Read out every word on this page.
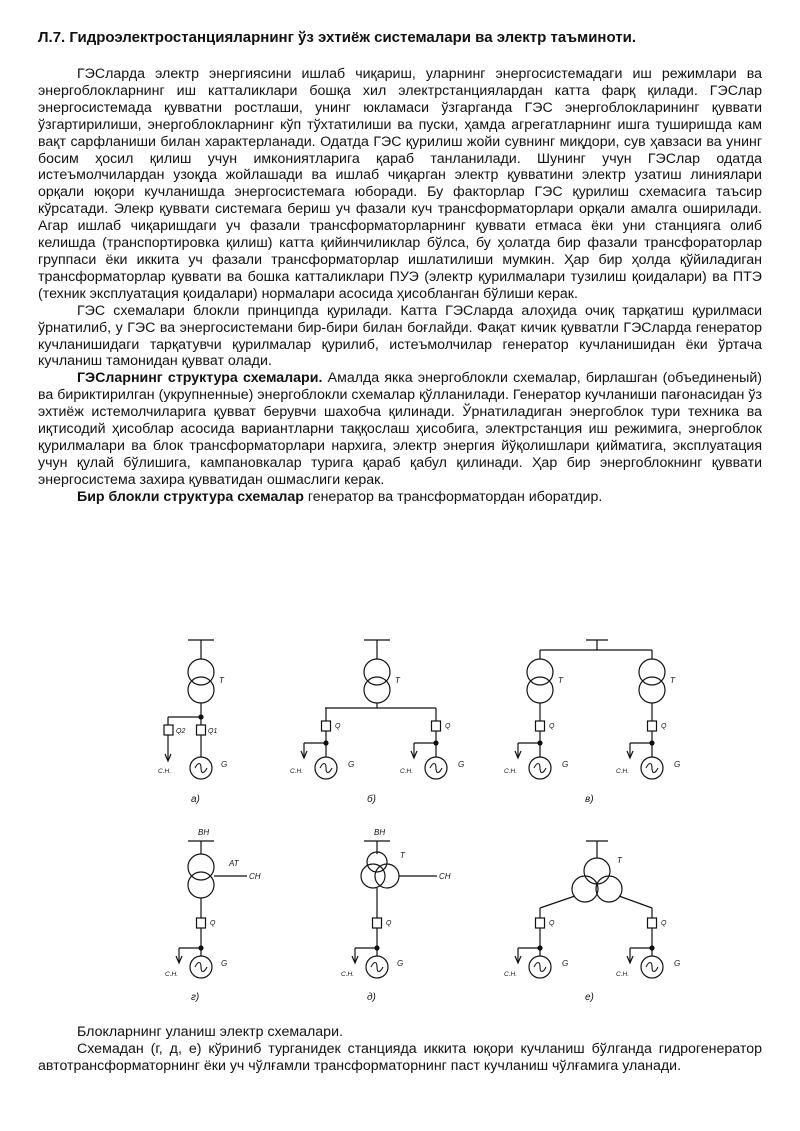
Л.7. Гидроэлектростанцияларнинг ўз эхтиёж системалари ва электр таъминоти.

ГЭСларда электр энергиясини ишлаб чиқариш, уларнинг энергосистемадаги иш режимлари ва энергоблокларнинг иш катталиклари бошқа хил электрстанциялардан катта фарқ қилади. ГЭСлар энергосистемада қувватни ростлаши, унинг юкламаси ўзгарганда ГЭС энергоблокларининг қуввати ўзгартирилиши, энергоблокларнинг кўп тўхтатилиши ва пуски, ҳамда агрегатларнинг ишга туширишда кам вақт сарфланиши билан характерланади. Одатда ГЭС қурилиш жойи сувнинг миқдори, сув ҳавзаси ва унинг босим ҳосил қилиш учун имкониятларига қараб танланилади. Шунинг учун ГЭСлар одатда истеъмолчилардан узоқда жойлашади ва ишлаб чиқарган электр қувватини электр узатиш линиялари орқали юқори кучланишда энергосистемага юборади. Бу факторлар ГЭС қурилиш схемасига таъсир кўрсатади. Элекр қуввати системага бериш уч фазали куч трансформаторлари орқали амалга оширилади. Агар ишлаб чиқаришдаги уч фазали трансформаторларнинг қуввати етмаса ёки уни станцияга олиб келишда (транспортировка қилиш) катта қийинчиликлар бўлса, бу ҳолатда бир фазали трансфораторлар группаси ёки иккита уч фазали трансформаторлар ишлатилиши мумкин. Ҳар бир ҳолда қўйиладиган трансформаторлар қуввати ва бошка катталиклари ПУЭ (электр қурилмалари тузилиш қоидалари) ва ПТЭ (техник эксплуатация қоидалари) нормалари асосида ҳисобланган бўлиши керак.

ГЭС схемалари блокли принципда қурилади. Катта ГЭСларда алоҳида очиқ тарқатиш қурилмаси ўрнатилиб, у ГЭС ва энергосистемани бир-бири билан боғлайди. Фақат кичик қувватли ГЭСларда генератор кучланишидаги тарқатувчи қурилмалар қурилиб, истеъмолчилар генератор кучланишидан ёки ўртача кучланиш тамонидан қувват олади.

ГЭСларнинг структура схемалари. Амалда якка энергоблокли схемалар, бирлашган (объединеный) ва бириктирилган (укрупненные) энергоблокли схемалар қўлланилади. Генератор кучланиши пағонасидан ўз эхтиёж истемолчиларига қувват берувчи шахобча қилинади. Ўрнатиладиган энергоблок тури техника ва иқтисодий ҳисоблар асосида вариантларни таққослаш ҳисобига, электрстанция иш режимига, энергоблок қурилмалари ва блок трансформаторлари нархига, электр энергия йўқолишлари қийматига, эксплуатация учун қулай бўлишига, кампановкалар турига қараб қабул қилинади. Ҳар бир энергоблокнинг қуввати энергосистема захира қувватидан ошмаслиги керак.

Бир блокли структура схемалар генератор ва трансформатордан иборатдир.

T
Q2
C.H.
Q1
G
а)
T
Q
G
C.H.
Q
G
C.H.
б)
T
Q
G
C.H.
T
Q
G
C.H.
в)
BH
AT
CH
Q
G
C.H.
г)
BH
T
CH
Q
G
C.H.
д)
T
Q
G
C.H.
Q
G
C.H.
е)

Блокларнинг уланиш электр схемалари.

Схемадан (г, д, е) кўриниб турганидек станцияда иккита юқори кучланиш бўлганда гидрогенератор автотрансформаторнинг ёки уч чўлғамли трансформаторнинг паст кучланиш чўлғамига уланади.
